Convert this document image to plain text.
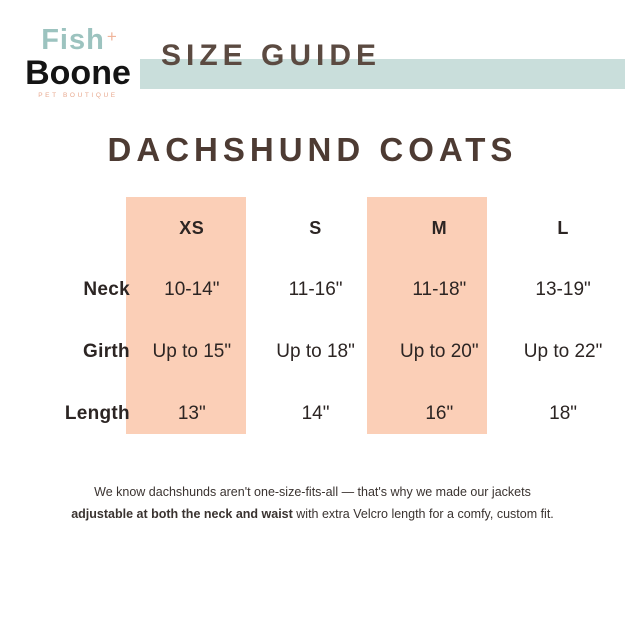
Fish +
Boone
PET BOUTIQUE
SIZE GUIDE
DACHSHUND COATS
	XS	S	M	L
Neck	10-14"	11-16"	11-18"	13-19"
Girth	Up to 15"	Up to 18"	Up to 20"	Up to 22"
Length	13"	14"	16"	18"
We know dachshunds aren't one-size-fits-all — that's why we made our jackets
adjustable at both the neck and waist with extra Velcro length for a comfy, custom fit.
